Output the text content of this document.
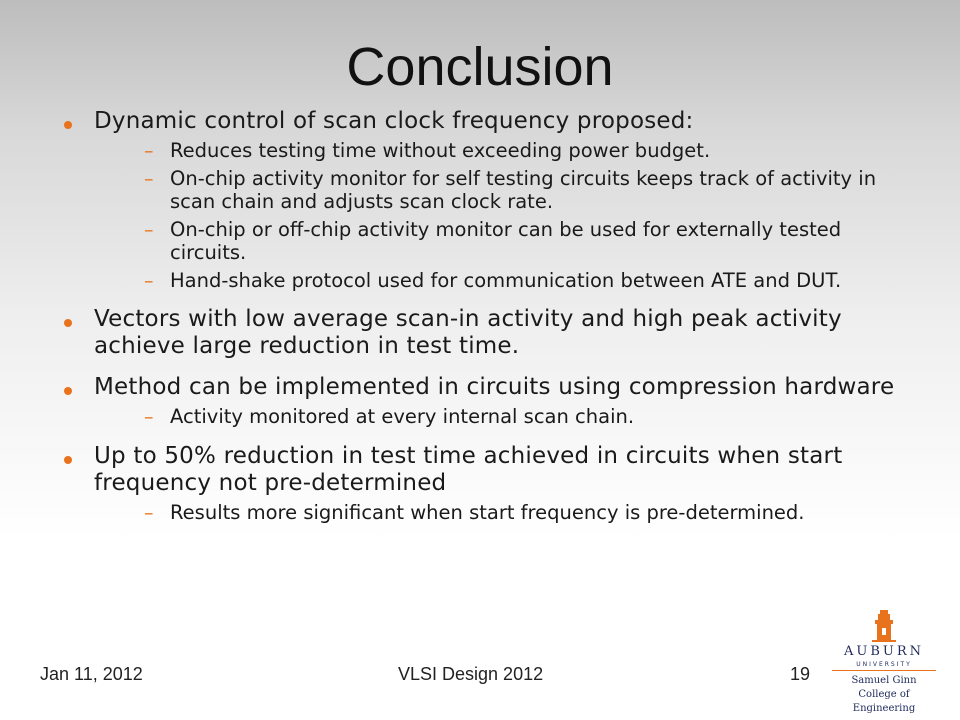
Conclusion
Dynamic control of scan clock frequency proposed:
– Reduces testing time without exceeding power budget.
– On-chip activity monitor for self testing circuits keeps track of activity in scan chain and adjusts scan clock rate.
– On-chip or off-chip activity monitor can be used for externally tested circuits.
– Hand-shake protocol used for communication between ATE and DUT.
Vectors with low average scan-in activity and high peak activity achieve large reduction in test time.
Method can be implemented in circuits using compression hardware
– Activity monitored at every internal scan chain.
Up to 50% reduction in test time achieved in circuits when start frequency not pre-determined
– Results more significant when start frequency is pre-determined.
Jan 11, 2012	VLSI Design 2012	19
AUBURN
UNIVERSITY
Samuel Ginn
College of Engineering
